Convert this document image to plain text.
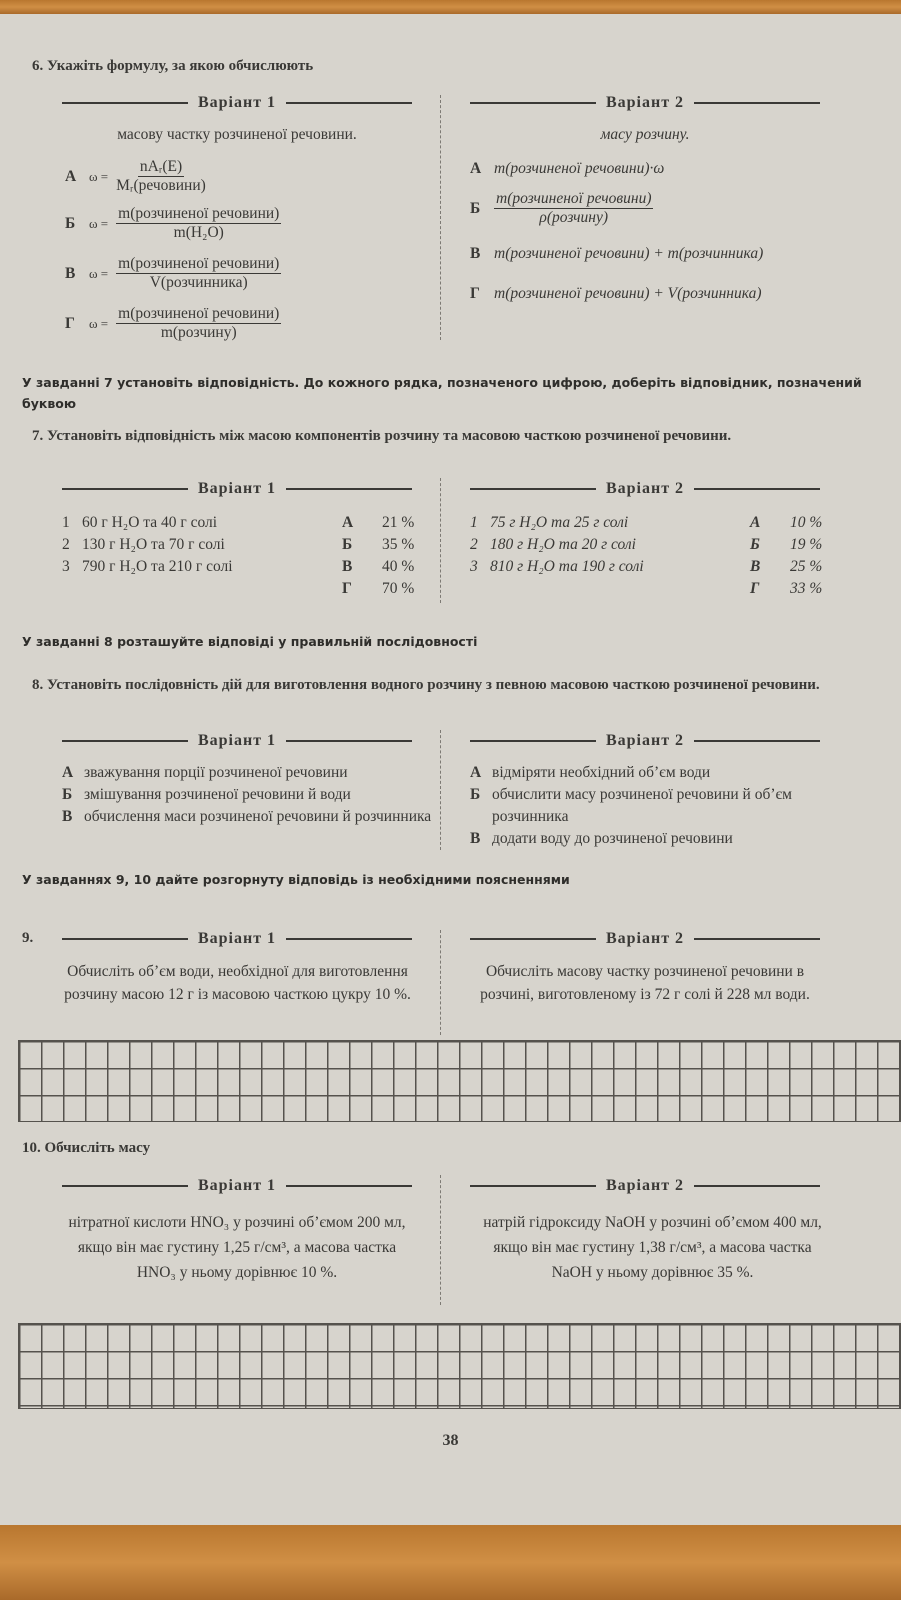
6. Укажіть формулу, за якою обчислюють
Варіант 1	Варіант 2
масову частку розчиненої речовини.	масу розчину.
А $\omega = \frac{\text{nAᵣ(E)}}{\text{Mᵣ(речовини)}}$
Б	$\omega = \frac{\text{m(розчиненої речовини)}}{\text{m(H₂O)}}$
В	$\omega = \frac{\text{m(розчиненої речовини)}}{\text{V(розчинника)}}$
Г	$\omega = \frac{\text{m(розчиненої речовини)}}{\text{m(розчину)}}$
А m(розчиненої речовини)·ω
Б $\frac{\text{m(розчиненої речовини)}}{\text{ρ(розчину)}}$
В m(розчиненої речовини) + m(розчинника)
Г m(розчиненої речовини) + V(розчинника)
У завданні 7 установіть відповідність. До кожного рядка, позначеного цифрою, доберіть відповідник, позначений буквою
7. Установіть відповідність між масою компонентів розчину та масовою часткою розчиненої речовини.
Варіант 1	Варіант 2
1 60 г H₂O та 40 г солі	А	21 %
2 130 г H₂O та 70 г солі	Б	35 %
3 790 г H₂O та 210 г солі	В	40 %
Г	70 %
1 75 г H₂O та 25 г солі	А	10 %
2 180 г H₂O та 20 г солі	Б	19 %
3 810 г H₂O та 190 г солі	В	25 %
Г	33 %
У завданні 8 розташуйте відповіді у правильній послідовності
8. Установіть послідовність дій для виготовлення водного розчину з певною масовою часткою розчиненої речовини.
Варіант 1	Варіант 2
А зважування порції розчиненої речовини
Б змішування розчиненої речовини й води
В обчислення маси розчиненої речовини й розчинника
А відміряти необхідний об’єм води
Б обчислити масу розчиненої речовини й об’єм розчинника
В додати воду до розчиненої речовини
У завданнях 9, 10 дайте розгорнуту відповідь із необхідними поясненнями
9.	Варіант 1	Варіант 2
Обчисліть об’єм води, необхідної для виготовлення розчину масою 12 г із масовою часткою цукру 10 %.
Обчисліть масову частку розчиненої речовини в розчині, виготовленому із 72 г солі й 228 мл води.
10. Обчисліть масу
Варіант 1	Варіант 2
нітратної кислоти HNO₃ у розчині об’ємом 200 мл, якщо він має густину 1,25 г/см³, а масова частка HNO₃ у ньому дорівнює 10 %.
натрій гідроксиду NaOH у розчині об’ємом 400 мл, якщо він має густину 1,38 г/см³, а масова частка NaOH у ньому дорівнює 35 %.
38
